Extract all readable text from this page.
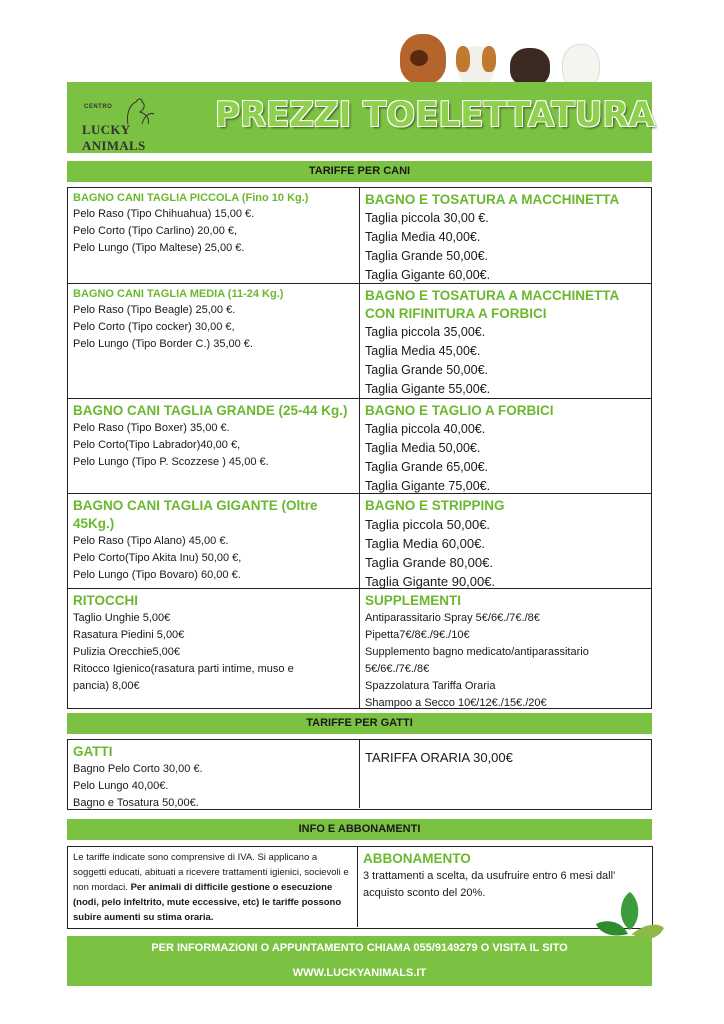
CENTRO
LUCKY ANIMALS
PREZZI TOELETTATURA
TARIFFE PER CANI
BAGNO CANI TAGLIA PICCOLA (Fino 10 Kg.)
Pelo Raso (Tipo Chihuahua) 15,00 €.
Pelo Corto (Tipo Carlino) 20,00 €,
Pelo Lungo (Tipo Maltese) 25,00 €.
BAGNO E TOSATURA A MACCHINETTA
Taglia piccola 30,00 €.
Taglia Media 40,00€.
Taglia Grande 50,00€.
Taglia Gigante 60,00€.
BAGNO CANI TAGLIA MEDIA (11-24 Kg.)
Pelo Raso (Tipo Beagle) 25,00 €.
Pelo Corto (Tipo cocker) 30,00 €,
Pelo Lungo (Tipo Border C.) 35,00 €.
BAGNO E TOSATURA A MACCHINETTA CON RIFINITURA A FORBICI
Taglia piccola 35,00€.
Taglia Media 45,00€.
Taglia Grande 50,00€.
Taglia Gigante 55,00€.
BAGNO CANI TAGLIA GRANDE (25-44 Kg.)
Pelo Raso (Tipo Boxer) 35,00 €.
Pelo Corto(Tipo Labrador)40,00 €,
Pelo Lungo (Tipo P. Scozzese ) 45,00 €.
BAGNO E TAGLIO A FORBICI
Taglia piccola 40,00€.
Taglia Media 50,00€.
Taglia Grande 65,00€.
Taglia Gigante 75,00€.
BAGNO CANI TAGLIA GIGANTE (Oltre 45Kg.)
Pelo Raso (Tipo Alano) 45,00 €.
Pelo Corto(Tipo Akita Inu) 50,00 €,
Pelo Lungo (Tipo Bovaro) 60,00 €.
BAGNO E STRIPPING
Taglia piccola 50,00€.
Taglia Media 60,00€.
Taglia Grande 80,00€.
Taglia Gigante 90,00€.
RITOCCHI
Taglio Unghie 5,00€
Rasatura Piedini 5,00€
Pulizia Orecchie5,00€
Ritocco Igienico(rasatura parti intime, muso e
pancia) 8,00€
SUPPLEMENTI
Antiparassitario Spray 5€/6€./7€./8€
Pipetta7€/8€./9€./10€
Supplemento bagno medicato/antiparassitario
5€/6€./7€./8€
Spazzolatura Tariffa Oraria
Shampoo a Secco 10€/12€./15€./20€
TARIFFE PER GATTI
GATTI
Bagno Pelo Corto 30,00 €.
Pelo Lungo 40,00€.
Bagno e Tosatura 50,00€.
TARIFFA ORARIA 30,00€
INFO E ABBONAMENTI
Le tariffe indicate sono comprensive di IVA. Si applicano a soggetti educati, abituati a ricevere trattamenti igienici, socievoli e non mordaci. Per animali di difficile gestione o esecuzione (nodi, pelo infeltrito, mute eccessive, etc) le tariffe possono subire aumenti su stima oraria.
ABBONAMENTO
3 trattamenti a scelta, da usufruire entro 6 mesi dall' acquisto sconto del 20%.
PER INFORMAZIONI O APPUNTAMENTO CHIAMA 055/9149279 O VISITA IL SITO
WWW.LUCKYANIMALS.IT
